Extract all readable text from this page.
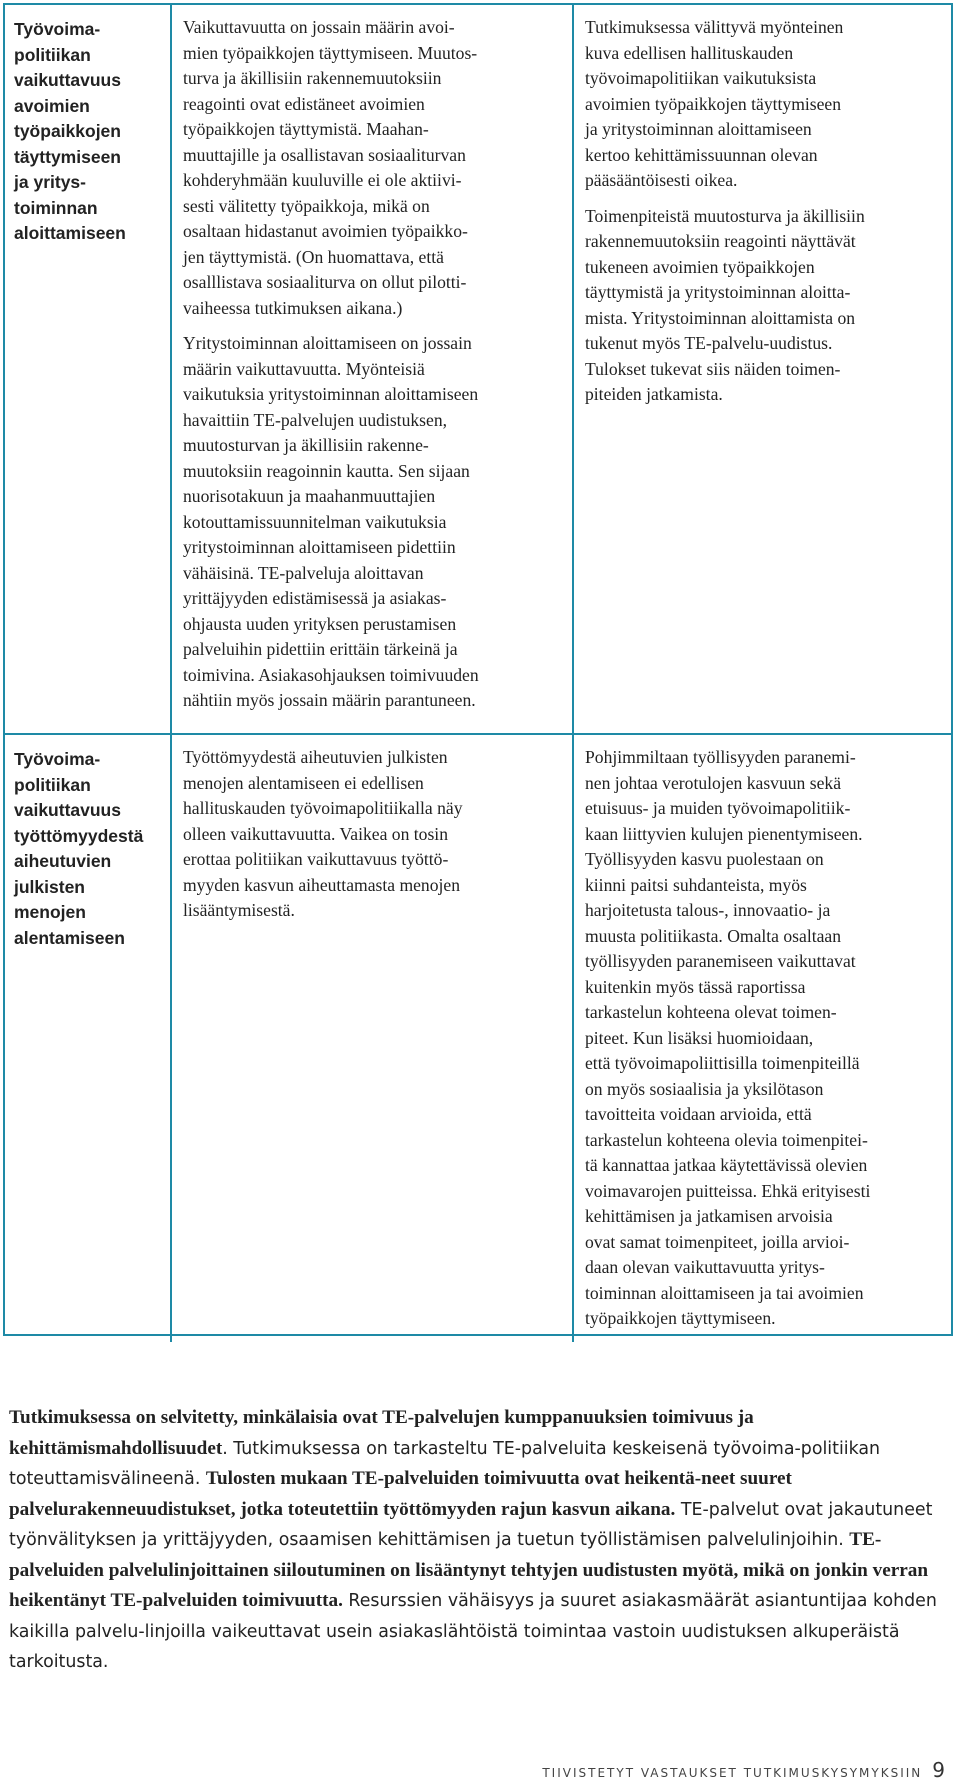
Työvoima-
politiikan
vaikuttavuus
avoimien
työpaikkojen
täyttymiseen
ja yritys-
toiminnan
aloittamiseen

Vaikuttavuutta on jossain määrin avoi-
mien työpaikkojen täyttymiseen. Muutos-
turva ja äkillisiin rakennemuutoksiin
reagointi ovat edistäneet avoimien
työpaikkojen täyttymistä. Maahan-
muuttajille ja osallistavan sosiaaliturvan
kohderyhmään kuuluville ei ole aktiivi-
sesti välitetty työpaikkoja, mikä on
osaltaan hidastanut avoimien työpaikko-
jen täyttymistä. (On huomattava, että
osalllistava sosiaaliturva on ollut pilotti-
vaiheessa tutkimuksen aikana.)

Yritystoiminnan aloittamiseen on jossain
määrin vaikuttavuutta. Myönteisiä
vaikutuksia yritystoiminnan aloittamiseen
havaittiin TE-palvelujen uudistuksen,
muutosturvan ja äkillisiin rakenne-
muutoksiin reagoinnin kautta. Sen sijaan
nuorisotakuun ja maahanmuuttajien
kotouttamissuunnitelman vaikutuksia
yritystoiminnan aloittamiseen pidettiin
vähäisinä. TE-palveluja aloittavan
yrittäjyyden edistämisessä ja asiakas-
ohjausta uuden yrityksen perustamisen
palveluihin pidettiin erittäin tärkeinä ja
toimivina. Asiakasohjauksen toimivuuden
nähtiin myös jossain määrin parantuneen.

Tutkimuksessa välittyvä myönteinen
kuva edellisen hallituskauden
työvoimapolitiikan vaikutuksista
avoimien työpaikkojen täyttymiseen
ja yritystoiminnan aloittamiseen
kertoo kehittämissuunnan olevan
pääsääntöisesti oikea.

Toimenpiteistä muutosturva ja äkillisiin
rakennemuutoksiin reagointi näyttävät
tukeneen avoimien työpaikkojen
täyttymistä ja yritystoiminnan aloitta-
mista. Yritystoiminnan aloittamista on
tukenut myös TE-palvelu-uudistus.
Tulokset tukevat siis näiden toimen-
piteiden jatkamista.

Työvoima-
politiikan
vaikuttavuus
työttömyydestä
aiheutuvien
julkisten
menojen
alentamiseen

Työttömyydestä aiheutuvien julkisten
menojen alentamiseen ei edellisen
hallituskauden työvoimapolitiikalla näy
olleen vaikuttavuutta. Vaikea on tosin
erottaa politiikan vaikuttavuus työttö-
myyden kasvun aiheuttamasta menojen
lisääntymisestä.

Pohjimmiltaan työllisyyden paranemi-
nen johtaa verotulojen kasvuun sekä
etuisuus- ja muiden työvoimapolitiik-
kaan liittyvien kulujen pienentymiseen.
Työllisyyden kasvu puolestaan on
kiinni paitsi suhdanteista, myös
harjoitetusta talous-, innovaatio- ja
muusta politiikasta. Omalta osaltaan
työllisyyden paranemiseen vaikuttavat
kuitenkin myös tässä raportissa
tarkastelun kohteena olevat toimen-
piteet. Kun lisäksi huomioidaan,
että työvoimapoliittisilla toimenpiteillä
on myös sosiaalisia ja yksilötason
tavoitteita voidaan arvioida, että
tarkastelun kohteena olevia toimenpitei-
tä kannattaa jatkaa käytettävissä olevien
voimavarojen puitteissa. Ehkä erityisesti kehittämisen ja jatkamisen arvoisia
ovat samat toimenpiteet, joilla arvioi-
daan olevan vaikuttavuutta yritys-
toiminnan aloittamiseen ja tai avoimien
työpaikkojen täyttymiseen.

Tutkimuksessa on selvitetty, minkälaisia ovat TE-palvelujen kumppanuuksien toimivuus ja kehittämismahdollisuudet. Tutkimuksessa on tarkasteltu TE-palveluita keskeisenä työvoima-politiikan toteuttamisvälineenä. Tulosten mukaan TE-palveluiden toimivuutta ovat heikentä-neet suuret palvelurakenneuudistukset, jotka toteutettiin työttömyyden rajun kasvun aikana. TE-palvelut ovat jakautuneet työnvälityksen ja yrittäjyyden, osaamisen kehittämisen ja tuetun työllistämisen palvelulinjoihin. TE-palveluiden palvelulinjoittainen siiloutuminen on lisääntynyt tehtyjen uudistusten myötä, mikä on jonkin verran heikentänyt TE-palveluiden toimivuutta. Resurssien vähäisyys ja suuret asiakasmäärät asiantuntijaa kohden kaikilla palvelu-linjoilla vaikeuttavat usein asiakaslähtöistä toimintaa vastoin uudistuksen alkuperäistä tarkoitusta.
TIIVISTETYT VASTAUKSET TUTKIMUSKYSYMYKSIIN 9
